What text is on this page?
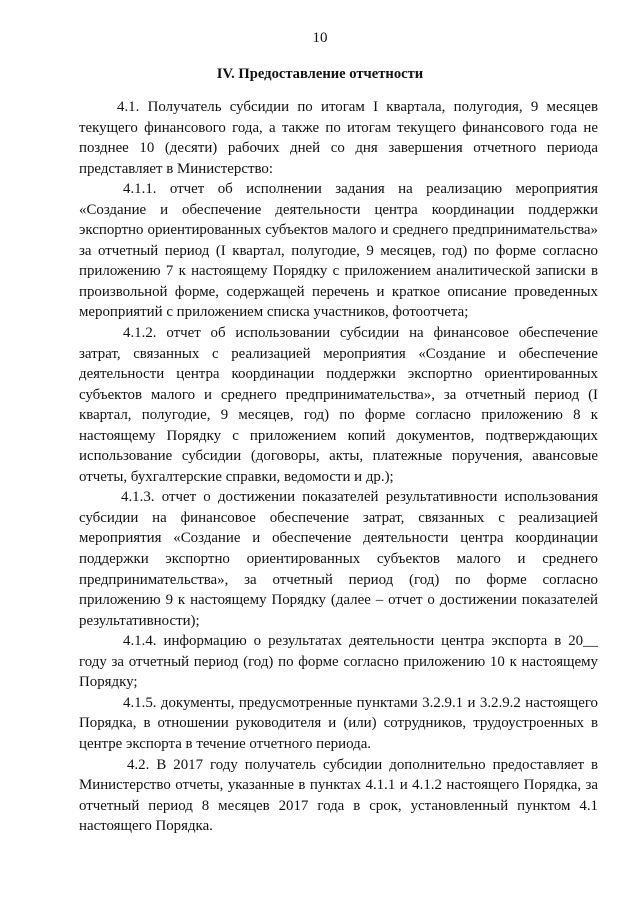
10
IV. Предоставление отчетности

4.1. Получатель субсидии по итогам I квартала, полугодия, 9 месяцев текущего финансового года, а также по итогам текущего финансового года не позднее 10 (десяти) рабочих дней со дня завершения отчетного периода представляет в Министерство:

4.1.1. отчет об исполнении задания на реализацию мероприятия «Создание и обеспечение деятельности центра координации поддержки экспортно ориентированных субъектов малого и среднего предпринимательства» за отчетный период (I квартал, полугодие, 9 месяцев, год) по форме согласно приложению 7 к настоящему Порядку с приложением аналитической записки в произвольной форме, содержащей перечень и краткое описание проведенных мероприятий с приложением списка участников, фотоотчета;

4.1.2. отчет об использовании субсидии на финансовое обеспечение затрат, связанных с реализацией мероприятия «Создание и обеспечение деятельности центра координации поддержки экспортно ориентированных субъектов малого и среднего предпринимательства», за отчетный период (I квартал, полугодие, 9 месяцев, год) по форме согласно приложению 8 к настоящему Порядку с приложением копий документов, подтверждающих использование субсидии (договоры, акты, платежные поручения, авансовые отчеты, бухгалтерские справки, ведомости и др.);

4.1.3. отчет о достижении показателей результативности использования субсидии на финансовое обеспечение затрат, связанных с реализацией мероприятия «Создание и обеспечение деятельности центра координации поддержки экспортно ориентированных субъектов малого и среднего предпринимательства», за отчетный период (год) по форме согласно приложению 9 к настоящему Порядку (далее – отчет о достижении показателей результативности);

4.1.4. информацию о результатах деятельности центра экспорта в 20__ году за отчетный период (год) по форме согласно приложению 10 к настоящему Порядку;

4.1.5. документы, предусмотренные пунктами 3.2.9.1 и 3.2.9.2 настоящего Порядка, в отношении руководителя и (или) сотрудников, трудоустроенных в центре экспорта в течение отчетного периода.

4.2. В 2017 году получатель субсидии дополнительно предоставляет в Министерство отчеты, указанные в пунктах 4.1.1 и 4.1.2 настоящего Порядка, за отчетный период 8 месяцев 2017 года в срок, установленный пунктом 4.1 настоящего Порядка.
